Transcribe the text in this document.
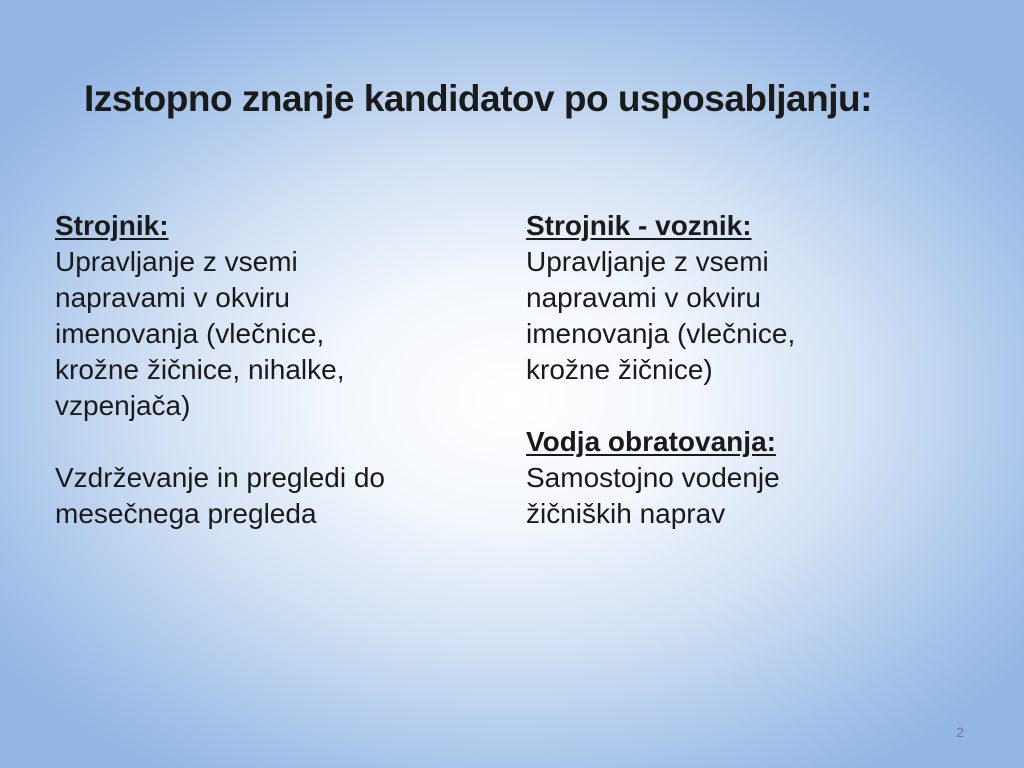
Izstopno znanje kandidatov po usposabljanju:

Strojnik:

Upravljanje z vsemi

napravami v okviru

imenovanja (vlečnice,

krožne žičnice, nihalke,

vzpenjača)

Vzdrževanje in pregledi do

mesečnega pregleda

Strojnik - voznik:

Upravljanje z vsemi

napravami v okviru

imenovanja (vlečnice,

krožne žičnice)

Vodja obratovanja:

Samostojno vodenje

žičniških naprav

2
